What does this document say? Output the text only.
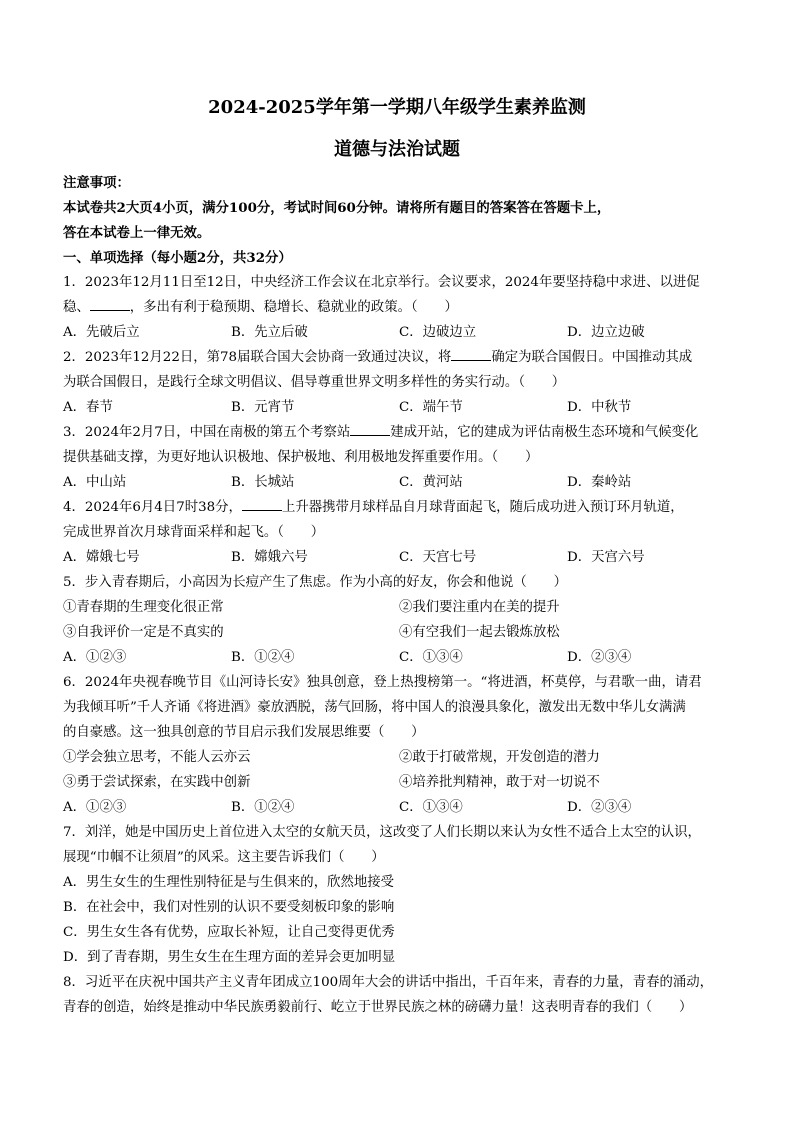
2024-2025学年第一学期八年级学生素养监测
道德与法治试题
注意事项：
本试卷共2大页4小页，满分100分，考试时间60分钟。请将所有题目的答案答在答题卡上，
答在本试卷上一律无效。
一、单项选择（每小题2分，共32分）
1．2023年12月11日至12日，中央经济工作会议在北京举行。会议要求，2024年要坚持稳中求进、以进促
稳、	，多出有利于稳预期、稳增长、稳就业的政策。（　　）
A．先破后立	B．先立后破	C．边破边立	D．边立边破
2．2023年12月22日，第78届联合国大会协商一致通过决议，将	确定为联合国假日。中国推动其成
为联合国假日，是践行全球文明倡议、倡导尊重世界文明多样性的务实行动。（　　）
A．春节	B．元宵节	C．端午节	D．中秋节
3．2024年2月7日，中国在南极的第五个考察站	建成开站，它的建成为评估南极生态环境和气候变化
提供基础支撑，为更好地认识极地、保护极地、利用极地发挥重要作用。（　　）
A．中山站	B．长城站	C．黄河站	D．秦岭站
4．2024年6月4日7时38分，	上升器携带月球样品自月球背面起飞，随后成功进入预订环月轨道，
完成世界首次月球背面采样和起飞。（　　）
A．嫦娥七号	B．嫦娥六号	C．天宫七号	D．天宫六号
5．步入青春期后，小高因为长痘产生了焦虑。作为小高的好友，你会和他说（　　）
①青春期的生理变化很正常	②我们要注重内在美的提升
③自我评价一定是不真实的	④有空我们一起去锻炼放松
A．①②③	B．①②④	C．①③④	D．②③④
6．2024年央视春晚节目《山河诗长安》独具创意，登上热搜榜第一。“将进酒，杯莫停，与君歌一曲，请君
为我倾耳听”千人齐诵《将进酒》豪放洒脱，荡气回肠，将中国人的浪漫具象化，激发出无数中华儿女满满
的自豪感。这一独具创意的节目启示我们发展思维要（　　）
①学会独立思考，不能人云亦云	②敢于打破常规，开发创造的潜力
③勇于尝试探索，在实践中创新	④培养批判精神，敢于对一切说不
A．①②③	B．①②④	C．①③④	D．②③④
7．刘洋，她是中国历史上首位进入太空的女航天员，这改变了人们长期以来认为女性不适合上太空的认识，
展现“巾帼不让须眉”的风采。这主要告诉我们（　　）
A．男生女生的生理性别特征是与生俱来的，欣然地接受
B．在社会中，我们对性别的认识不要受刻板印象的影响
C．男生女生各有优势，应取长补短，让自己变得更优秀
D．到了青春期，男生女生在生理方面的差异会更加明显
8．习近平在庆祝中国共产主义青年团成立100周年大会的讲话中指出，千百年来，青春的力量，青春的涌动，
青春的创造，始终是推动中华民族勇毅前行、屹立于世界民族之林的磅礴力量！这表明青春的我们（　　）
